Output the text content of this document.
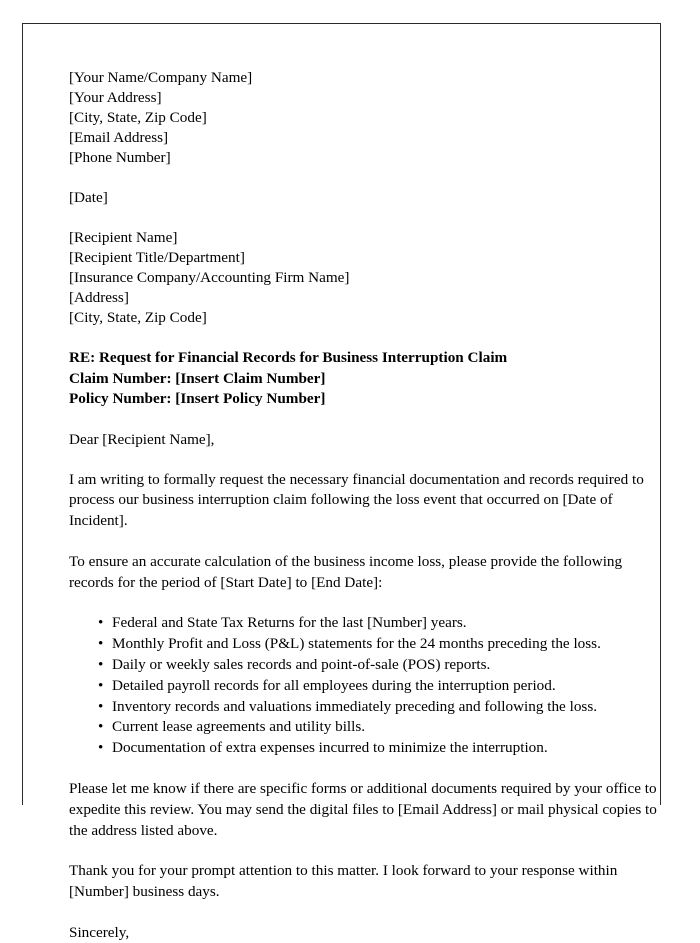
[Your Name/Company Name]
[Your Address]
[City, State, Zip Code]
[Email Address]
[Phone Number]
[Date]
[Recipient Name]
[Recipient Title/Department]
[Insurance Company/Accounting Firm Name]
[Address]
[City, State, Zip Code]
RE: Request for Financial Records for Business Interruption Claim
Claim Number: [Insert Claim Number]
Policy Number: [Insert Policy Number]
Dear [Recipient Name],
I am writing to formally request the necessary financial documentation and records required to process our business interruption claim following the loss event that occurred on [Date of Incident].
To ensure an accurate calculation of the business income loss, please provide the following records for the period of [Start Date] to [End Date]:
• Federal and State Tax Returns for the last [Number] years.
• Monthly Profit and Loss (P&L) statements for the 24 months preceding the loss.
• Daily or weekly sales records and point-of-sale (POS) reports.
• Detailed payroll records for all employees during the interruption period.
• Inventory records and valuations immediately preceding and following the loss.
• Current lease agreements and utility bills.
• Documentation of extra expenses incurred to minimize the interruption.
Please let me know if there are specific forms or additional documents required by your office to expedite this review. You may send the digital files to [Email Address] or mail physical copies to the address listed above.
Thank you for your prompt attention to this matter. I look forward to your response within [Number] business days.
Sincerely,
